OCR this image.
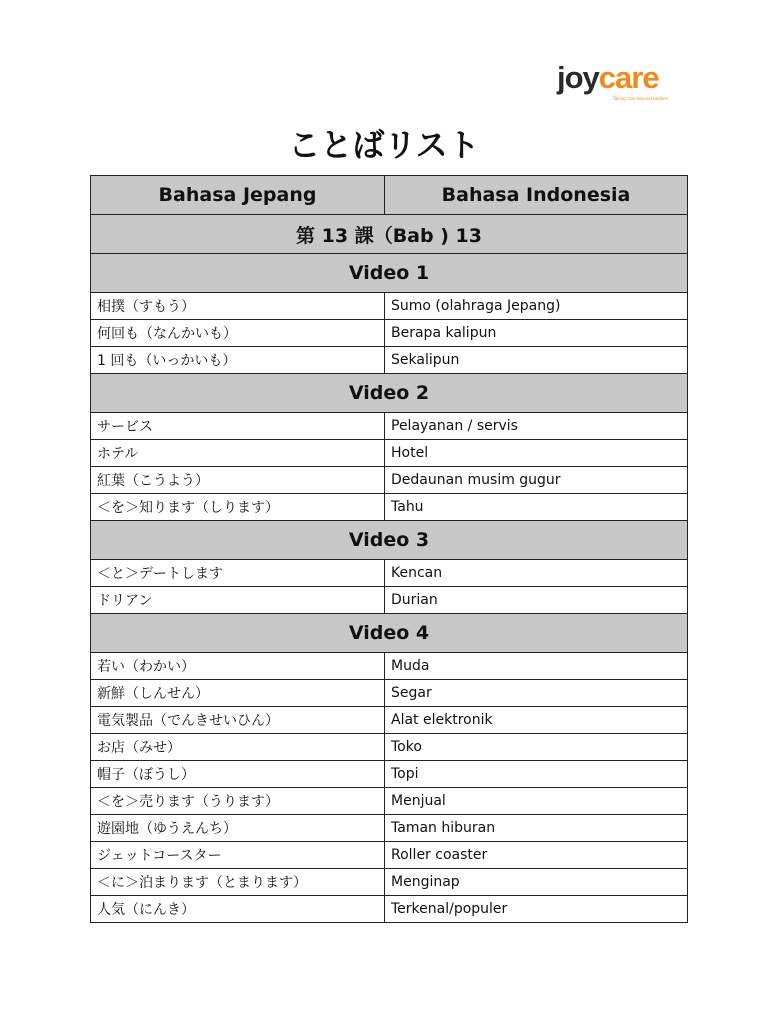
joycare
Taking care beyond borders
ことばリスト
Bahasa Jepang	Bahasa Indonesia
第 13 課（Bab ) 13	
Video 1	
相撲（すもう）	Sumo (olahraga Jepang)
何回も（なんかいも）	Berapa kalipun
1 回も（いっかいも）	Sekalipun
Video 2	
サービス	Pelayanan / servis
ホテル	Hotel
紅葉（こうよう）	Dedaunan musim gugur
＜を＞知ります（しります）	Tahu
Video 3	
＜と＞デートします	Kencan
ドリアン	Durian
Video 4	
若い（わかい）	Muda
新鮮（しんせん）	Segar
電気製品（でんきせいひん）	Alat elektronik
お店（みせ）	Toko
帽子（ぼうし）	Topi
＜を＞売ります（うります）	Menjual
遊園地（ゆうえんち）	Taman hiburan
ジェットコースター	Roller coaster
＜に＞泊まります（とまります）	Menginap
人気（にんき）	Terkenal/populer
